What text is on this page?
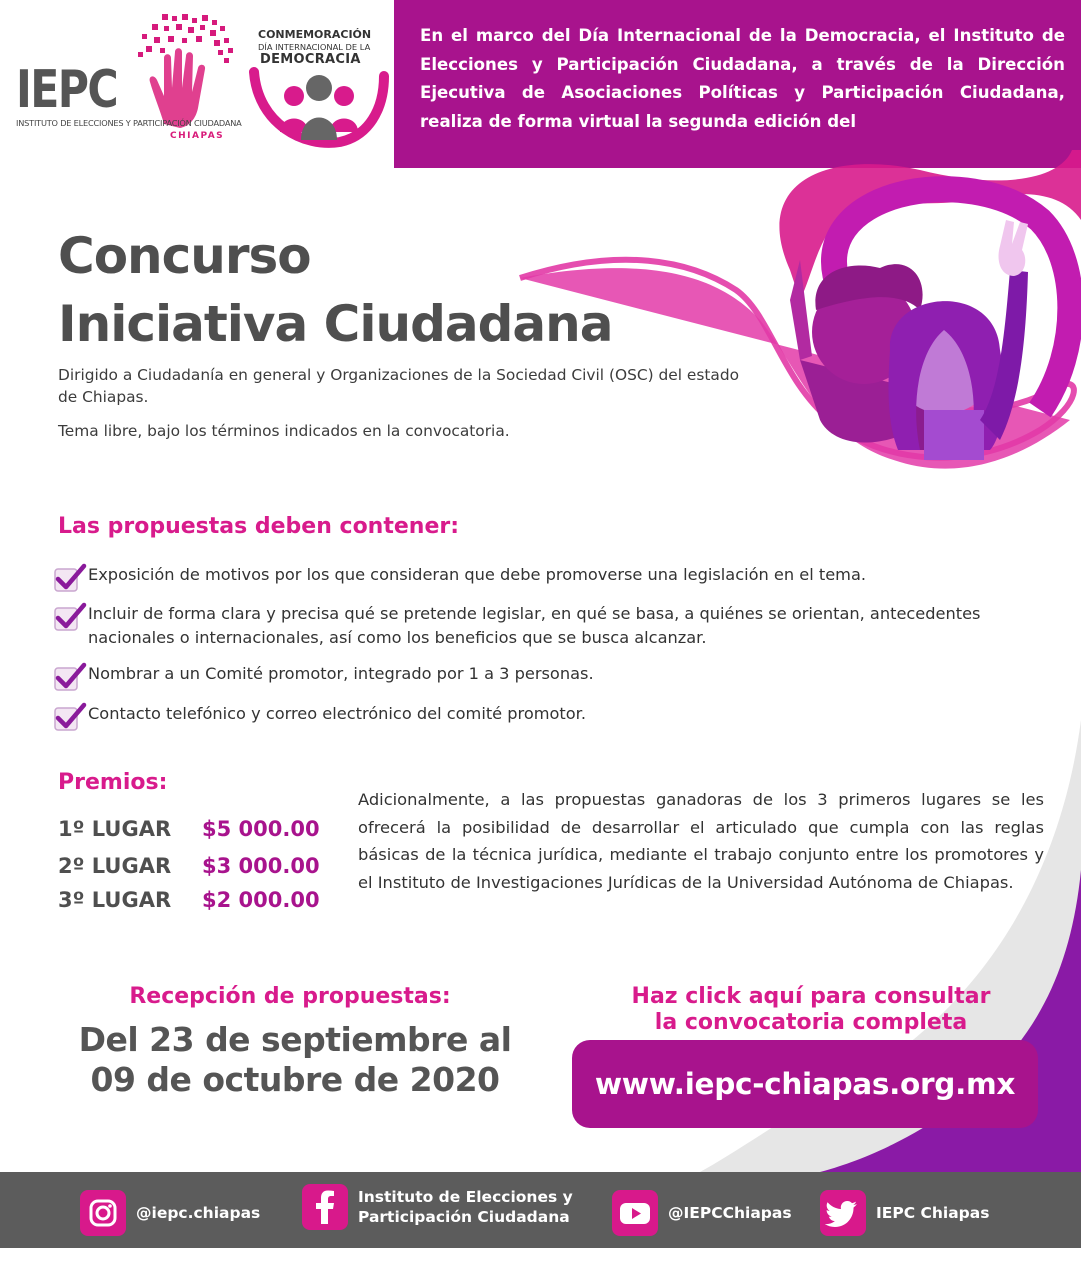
En el marco del Día Internacional de la Democracia, el Instituto de
Elecciones y Participación Ciudadana, a través de la Dirección
Ejecutiva de Asociaciones Políticas y Participación Ciudadana,
realiza de forma virtual la segunda edición del
IEPC
INSTITUTO DE ELECCIONES Y PARTICIPACIÓN CIUDADANA
CHIAPAS
CONMEMORACIÓN
DÍA INTERNACIONAL DE LA
DEMOCRACIA
Concurso
Iniciativa Ciudadana
Dirigido a Ciudadanía en general y Organizaciones de la Sociedad Civil (OSC) del estado de Chiapas.
Tema libre, bajo los términos indicados en la convocatoria.
Las propuestas deben contener:
Exposición de motivos por los que consideran que debe promoverse una legislación en el tema.
Incluir de forma clara y precisa qué se pretende legislar, en qué se basa, a quiénes se orientan, antecedentes nacionales o internacionales, así como los beneficios que se busca alcanzar.
Nombrar a un Comité promotor, integrado por 1 a 3 personas.
Contacto telefónico y correo electrónico del comité promotor.
Premios:
1º LUGAR $5 000.00
2º LUGAR $3 000.00
3º LUGAR $2 000.00
Adicionalmente, a las propuestas ganadoras de los 3 primeros lugares se les ofrecerá la posibilidad de desarrollar el articulado que cumpla con las reglas básicas de la técnica jurídica, mediante el trabajo conjunto entre los promotores y el Instituto de Investigaciones Jurídicas de la Universidad Autónoma de Chiapas.
Recepción de propuestas:
Del 23 de septiembre al
09 de octubre de 2020
Haz click aquí para consultar
la convocatoria completa
www.iepc-chiapas.org.mx
@iepc.chiapas
Instituto de Elecciones y
Participación Ciudadana	@IEPCChiapas	IEPC Chiapas
